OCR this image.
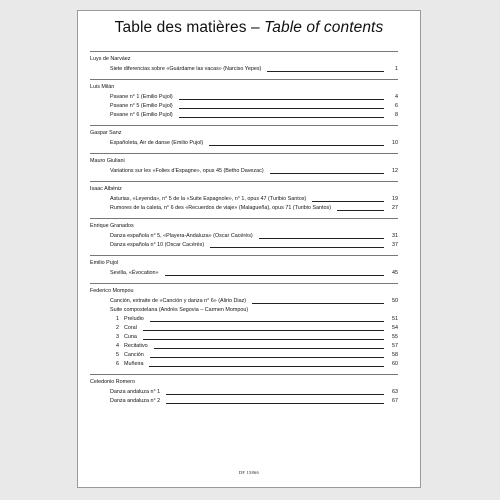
Table des matières – Table of contents
Luys de Narváez
Siete diferencias sobre «Guárdame las vacas» (Narciso Yepes)	1
Luis Milán
Pavane n° 1 (Emilio Pujol)	4
Pavane n° 5 (Emilio Pujol)	6
Pavane n° 6 (Emilio Pujol)	8
Gaspar Sanz
Españoleta, Air de danse (Emilio Pujol)	10
Mauro Giuliani
Variations sur les «Folies d’Espagne», opus 45 (Betho Davezac)	12
Isaac Albéniz
Asturias, «Leyenda», n° 5 de la «Suite Espagnole», n° 1, opus 47 (Turibio Santos)	19
Rumores de la caleta, n° 6 des «Recuerdos de viaje» (Malagueña), opus 71 (Turibio Santos)	27
Enrique Granados
Danza española n° 5, «Playera-Andaluza» (Oscar Cacérès)	31
Danza española n° 10 (Oscar Cacérès)	37
Emilio Pujol
Sevilla, «Évocation»	45
Federico Mompou
Canción, extraite de «Canción y danza n° 6» (Alirio Diaz)	50
Suite compostelana (Andrès Segovia – Carmen Mompou)
1 Preludio	51
2 Coral	54
3 Cuna	55
4 Recitativo	57
5 Canción	58
6 Muñeira	60
Celedonio Romero
Danza andaluza n° 1	63
Danza andaluza n° 2	67
DF 15866
